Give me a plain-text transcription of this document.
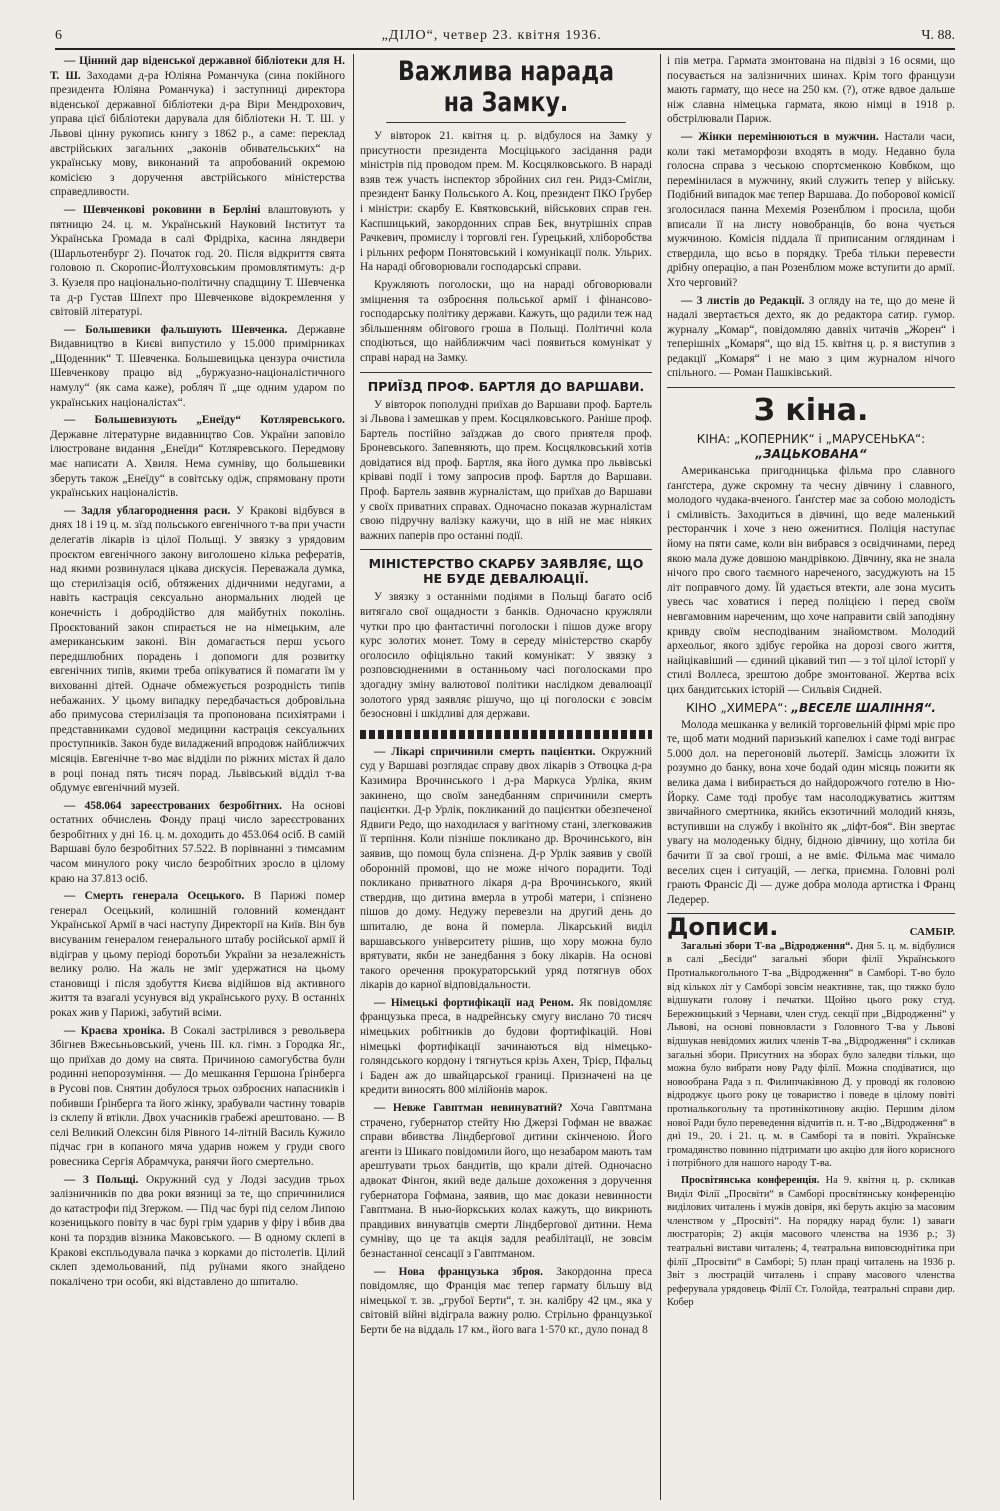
6	„ДІЛО“, четвер 23. квітня 1936.	Ч. 88.

— Цінний дар віденської державної бібліотеки для Н. Т. Ш. Заходами д-ра Юліяна Романчука (сина покійного президента Юліяна Романчука) і заступниці директора віденської державної бібліотеки д-ра Віри Мендрохович, управа цієї бібліотеки дарувала для бібліотеки Н. Т. Ш. у Львові цінну рукопись книгу з 1862 р., а саме: переклад австрійських загальних „законів обивательських“ на українську мову, виконаний та апробований окремою комісією з доручення австрійського міністерства справедливости.

— Шевченкові роковини в Берліні влаштовують у пятницю 24. ц. м. Український Науковий Інститут та Українська Громада в салі Фрідріха, касина ляндвери (Шарльотенбург 2). Початок год. 20. Після відкриття свята головою п. Скоропис-Йолтуховським промовлятимуть: д-р З. Кузеля про національно-політичну спадщину Т. Шевченка та д-р Густав Шпехт про Шевченкове відокремлення у світовій літературі.

— Большевики фальшують Шевченка. Державне Видавництво в Києві випустило у 15.000 примірниках „Щоденник“ Т. Шевченка. Большевицька цензура очистила Шевченкову працю від „буржуазно-націоналістичного намулу“ (як сама каже), робляч її „ще одним ударом по українських націоналістах“.

— Большевизують „Енеїду“ Котляревського. Державне літературне видавництво Сов. України заповіло ілюстроване видання „Енеїди“ Котляревського. Передмову має написати А. Хвиля. Нема сумніву, що большевики зберуть також „Енеїду“ в совітську одіж, спрямовану проти українських націоналістів.

— Задля ублагороднення раси. У Кракові відбувся в днях 18 і 19 ц. м. зїзд польського евгенічного т-ва при участи делегатів лікарів із цілої Польщі. У звязку з урядовим проєктом евгенічного закону виголошено кілька рефератів, над якими розвинулася цікава дискусія. Переважала думка, що стерилізація осіб, обтяжених дідичними недугами, а навіть кастрація сексуально анормальних людей це конечність і добродійство для майбутніх поколінь. Проєктований закон спирається не на німецьким, але американським законі. Він домагається перш усього передшлюбних порадень і допомоги для розвитку евгенічних типів, якими треба опікуватися й помагати їм у вихованні дітей. Одначе обмежується розродність типів небажаних. У цьому випадку передбачається добровільна або примусова стерилізація та пропонована психіятрами і представниками судової медицини кастрація сексуальних проступників. Закон буде виладжений впродовж найближчих місяців. Евгенічне т-во має відділи по ріжних містах й дало в році понад пять тисяч порад. Львівський відділ т-ва обдумує евгенічний музей.

— 458.064 зареєстрованих безробітних. На основі остатних обчислень Фонду праці число зареєстрованих безробітних у дні 16. ц. м. доходить до 453.064 осіб. В самій Варшаві було безробітних 57.522. В порівнанні з тимсамим часом минулого року число безробітних зросло в цілому краю на 37.813 осіб.

— Смерть генерала Осецького. В Парижі помер генерал Осецький, колишній головний комендант Української Армії в часі наступу Директорії на Київ. Він був висуваним генералом генерального штабу російської армії й відіграв у цьому періоді боротьби України за незалежність велику ролю. На жаль не зміг удержатися на цьому становищі і після здобуття Києва відійшов від активного життя та взагалі усунувся від українського руху. В останніх роках жив у Парижі, забутий всіми.

— Краєва хроніка. В Сокалі застрілився з револьвера Збігнев Вжесьньовський, учень III. кл. гімн. з Городка Яг., що приїхав до дому на свята. Причиною самогубства були родинні непорозуміння. — До мешкання Гершона Ґрінберга в Русові пов. Снятин добулося трьох озброєних напасників і побивши Ґрінберга та його жінку, зрабували частину товарів із склепу й втікли. Двох учасників грабежі арештовано. — В селі Великий Олексин біля Рівного 14-літній Василь Кужило підчас гри в копаного мяча ударив ножем у груди свого ровесника Сергія Абрамчука, ранячи його смертельно.

— З Польщі. Окружний суд у Лодзі засудив трьох залізничників по два роки вязниці за те, що спричинилися до катастрофи під Зґержом. — Під час бурі під селом Липою козеницького повіту в час бурі грім ударив у фіру і вбив два коні та порздив візника Маковського. — В одному склепі в Кракові експльодувала пачка з корками до пістолетів. Цілий склеп здемольований, під руїнами якого знайдено покалічено три особи, які відставлено до шпиталю.

Важлива нарада на Замку.

У вівторок 21. квітня ц. р. відбулося на Замку у присутности президента Мосціцького засідання ради міністрів під проводом прем. М. Косцялковського. В нараді взяв теж участь інспектор збройних сил ген. Ридз-Сміґли, президент Банку Польського А. Коц, президент ПКО Ґрубер і міністри: скарбу Е. Квятковський, військових справ ген. Каспшицький, закордонних справ Бек, внутрішніх справ Рачкевич, промислу і торговлі ген. Ґурецький, хліборобства і рільних реформ Понятовський і комунікації полк. Ульрих. На нараді обговорювали господарські справи.

Кружляють поголоски, що на нараді обговорювали зміцнення та озброєння польської армії і фінансово-господарську політику держави. Кажуть, що радили теж над збільшенням обігового гроша в Польщі. Політичні кола сподіються, що найближчим часі появиться комунікат у справі нарад на Замку.

ПРИЇЗД ПРОФ. БАРТЛЯ ДО ВАРШАВИ.

У вівторок пополудні приїхав до Варшави проф. Бартель зі Львова і замешкав у прем. Косцялковського. Раніше проф. Бартель постійно заїзджав до свого приятеля проф. Броневського. Запевняють, що прем. Косцялковський хотів довідатися від проф. Бартля, яка його думка про львівські кріваві події і тому запросив проф. Бартля до Варшави. Проф. Бартель заявив журналістам, що приїхав до Варшави у своїх приватних справах. Одночасно показав журналістам свою підручну валізку кажучи, що в ній не має ніяких важних паперів про останні події.

МІНІСТЕРСТВО СКАРБУ ЗАЯВЛЯЄ, ЩО НЕ БУДЕ ДЕВАЛЮАЦІЇ.

У звязку з останніми подіями в Польщі багато осіб витягало свої ощадности з банків. Одночасно кружляли чутки про цю фантастичні поголоски і пішов дуже вгору курс золотих монет. Тому в середу міністерство скарбу оголосило офіціяльно такий комунікат: У звязку з розповсюдненими в останньому часі поголосками про здогадну зміну валютової політики наслідком девалюації золотого уряд заявляє рішучо, що ці поголоски є зовсім безосновні і шкідливі для держави.

— Лікарі спричинили смерть пацієнтки. Окружний суд у Варшаві розглядає справу двох лікарів з Отвоцка д-ра Казимира Врочинського і д-ра Маркуса Урліка, яким закинено, що своїм занедбанням спричинили смерть пацієнтки. Д-р Урлік, покликаний до пацієнтки обезпеченої Ядвиги Редо, що находилася у вагітному стані, злегковажив її терпіння. Коли пізніше покликано др. Врочинського, він заявив, що помощ була спізнена. Д-р Урлік заявив у своїй оборонній промові, що не може нічого порадити. Тоді покликано приватного лікаря д-ра Врочинського, який ствердив, що дитина вмерла в утробі матери, і спізнено пішов до дому. Недужу перевезли на другий день до шпиталю, де вона й померла. Лікарський виділ варшавського університету рішив, що хору можна було врятувати, якби не занедбання з боку лікарів. На основі такого оречення прокураторський уряд потягнув обох лікарів до карної відповідальности.

— Німецькі фортифікації над Реном. Як повідомляє французька преса, в надрейнську смугу вислано 70 тисяч німецьких робітників до будови фортифікацій. Нові німецькі фортифікації зачинаються від німецько-голяндського кордону і тягнуться крізь Ахен, Трієр, Пфальц і Баден аж до швайцарської границі. Призначені на це кредити виносять 800 мілійонів марок.

— Невже Гавптман невинуватий? Хоча Гавптмана страчено, губернатор стейту Ню Джерзі Гофман не вважає справи вбивства Ліндберґової дитини скінченою. Його агенти із Шикаго повідомили його, що незабаром мають там арештувати трьох бандитів, що крали дітей. Одночасно адвокат Фінґон, який веде дальше дохоження з доручення губернатора Гофмана, заявив, що має докази невинности Гавптмана. В нью-йоркських колах кажуть, що викриють правдивих винуватців смерти Ліндберґової дитини. Нема сумніву, що це та акція задля реабілітації, не зовсім безнастанної сенсації з Гавптманом.

— Нова французька зброя. Закордонна преса повідомляє, що Франція має тепер гармату більшу від німецької т. зв. „грубої Берти“, т. зн. калібру 42 цм., яка у світовій війні відіграла важну ролю. Стрільно французької Берти бе на віддаль 17 км., його вага 1·570 кг., дуло понад 8

і пів метра. Гармата змонтована на підвізі з 16 осями, що посувається на залізничних шинах. Крім того французи мають гармату, що несе на 250 км. (?), отже вдвое дальше ніж славна німецька гармата, якою німці в 1918 р. обстрілювали Париж.

— Жінки перемінюються в мужчин. Настали часи, коли такі метаморфози входять в моду. Недавно була голосна справа з чеською спортсменкою Ковбком, що перемінилася в мужчину, який служить тепер у війську. Подібний випадок має тепер Варшава. До поборової комісії зголосилася панна Мехемія Розенблюм і просила, щоби вписали її на листу новобранців, бо вона чується мужчиною. Комісія піддала її приписаним оглядинам і ствердила, що всьо в порядку. Треба тільки перевести дрібну операцію, а пан Розенблюм може вступити до армії. Хто черговий?

— З листів до Редакції. З огляду на те, що до мене й надалі звертається дехто, як до редактора сатир. гумор. журналу „Комар“, повідомляю давніх читачів „Жорен“ і теперішніх „Комаря“, що від 15. квітня ц. р. я виступив з редакції „Комаря“ і не маю з цим журналом нічого спільного. — Роман Пашківський.

З кіна.
КІНА: „КОПЕРНИК“ і „МАРУСЕНЬКА“:
„ЗАЦЬКОВАНА“

Американська пригодницька фільма про славного ґанґстера, дуже скромну та чесну дівчину і славного, молодого чудака-вченого. Ґанґстер має за собою молодість і сміливість. Заходиться в дівчині, що веде маленький ресторанчик і хоче з нею оженитися. Поліція наступає йому на пяти саме, коли він вибрався з освідчинами, перед якою мала дуже довшою мандрівкою. Дівчину, яка не знала нічого про свого таємного нареченого, засуджують на 15 літ поправчого дому. Їй удається втекти, але зона мусить увесь час ховатися і перед поліцією і перед своїм невгамовним нареченим, що хоче направити свій заподіяну кривду своїм несподіваним знайомством. Молодий археольог, якого здібує геройка на дорозі свого життя, найцікавіший — єдиний цікавий тип — з тої цілої історії у стилі Воллеса, зрештою добре змонтованої. Жертва всіх цих бандитських історій — Сильвія Сидней.

КІНО „ХИМЕРА“: „ВЕСЕЛЕ ШАЛІННЯ“.

Молода мешканка у великій торговельній фірмі мріє про те, щоб мати модний паризький капелюх і саме тоді виграє 5.000 дол. на перегоновій льотерії. Замісць зложити їх розумно до банку, вона хоче бодай один місяць пожити як велика дама і вибирається до найдорожчого готелю в Ню-Йорку. Саме тоді пробує там насолоджуватись життям звичайного смертника, якийсь екзотичний молодий князь, вступивши на службу і вкоїніто як „ліфт-боя“. Він звертає увагу на молоденьку бідну, бідною дівчину, що хотіла би бачити її за свої гроші, а не вміє. Фільма має чимало веселих сцен і ситуацій, — легка, приємна. Головні ролі грають Франсіс Ді — дуже добра молода артистка і Франц Ледерер.

Дописи.	САМБІР.

Загальні збори Т-ва „Відродження“. Дня 5. ц. м. відбулися в салі „Бесіди“ загальні збори філії Українського Протиалькогольного Т-ва „Відродження“ в Самборі. Т-во було від кількох літ у Самборі зовсім неактивне, так, що тяжко було відшукати голову і печатки. Щойно цього року студ. Бережницький з Чернави, член студ. секції при „Відродженні“ у Львові, на основі повновласти з Головного Т-ва у Львові відшукав невідомих жилих членів Т-ва „Відродження“ і скликав загальні збори. Присутних на зборах було заледви тільки, що можна було вибрати нову Раду філії. Можна сподіватися, що новообрана Рада з п. Филипчаківною Д. у проводі як головою відроджує цього року це товариство і поведе в цілому повіті протиалькогольну та протинікотинову акцію. Першим ділом нової Ради було переведення відчитів п. н. Т-во „Відродження“ в дні 19., 20. і 21. ц. м. в Самборі та в повіті. Українське громадянство повинно підтримати цю акцію для його корисного і потрібного для нашого народу Т-ва.

Просвітянська конференція. На 9. квітня ц. р. скликав Виділ Філії „Просвіти“ в Самборі просвітянську конференцію виділових читалень і мужів довіря, які беруть акцію за масовим членством у „Просвіті“. На порядку нарад були: 1) заваги люстраторів; 2) акція масового членства на 1936 р.; 3) театральні вистави читалень; 4, театральна виповсюднітика при філії „Просвіти“ в Самборі; 5) план праці читалень на 1936 р. Звіт з люстрацій читалень і справу масового членства реферувала урядовець Філії Ст. Голойда, театральні справи дир. Кобер
